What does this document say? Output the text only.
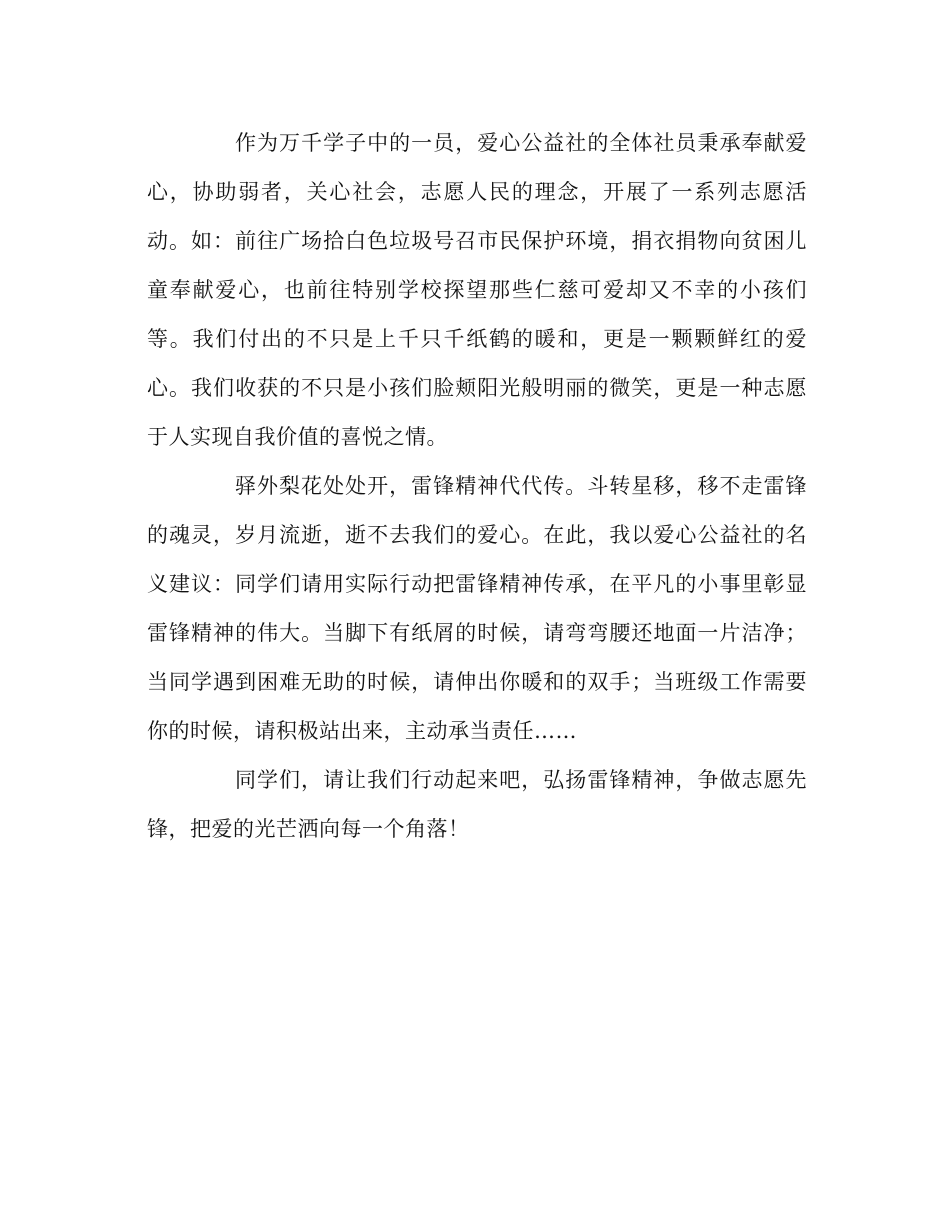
作为万千学子中的一员，爱心公益社的全体社员秉承奉献爱心，协助弱者，关心社会，志愿人民的理念，开展了一系列志愿活动。如：前往广场拾白色垃圾号召市民保护环境，捐衣捐物向贫困儿童奉献爱心，也前往特别学校探望那些仁慈可爱却又不幸的小孩们等。我们付出的不只是上千只千纸鹤的暖和，更是一颗颗鲜红的爱心。我们收获的不只是小孩们脸颊阳光般明丽的微笑，更是一种志愿于人实现自我价值的喜悦之情。

驿外梨花处处开，雷锋精神代代传。斗转星移，移不走雷锋的魂灵，岁月流逝，逝不去我们的爱心。在此，我以爱心公益社的名义建议：同学们请用实际行动把雷锋精神传承，在平凡的小事里彰显雷锋精神的伟大。当脚下有纸屑的时候，请弯弯腰还地面一片洁净；当同学遇到困难无助的时候，请伸出你暖和的双手；当班级工作需要你的时候，请积极站出来，主动承当责任……

同学们，请让我们行动起来吧，弘扬雷锋精神，争做志愿先锋，把爱的光芒洒向每一个角落！
